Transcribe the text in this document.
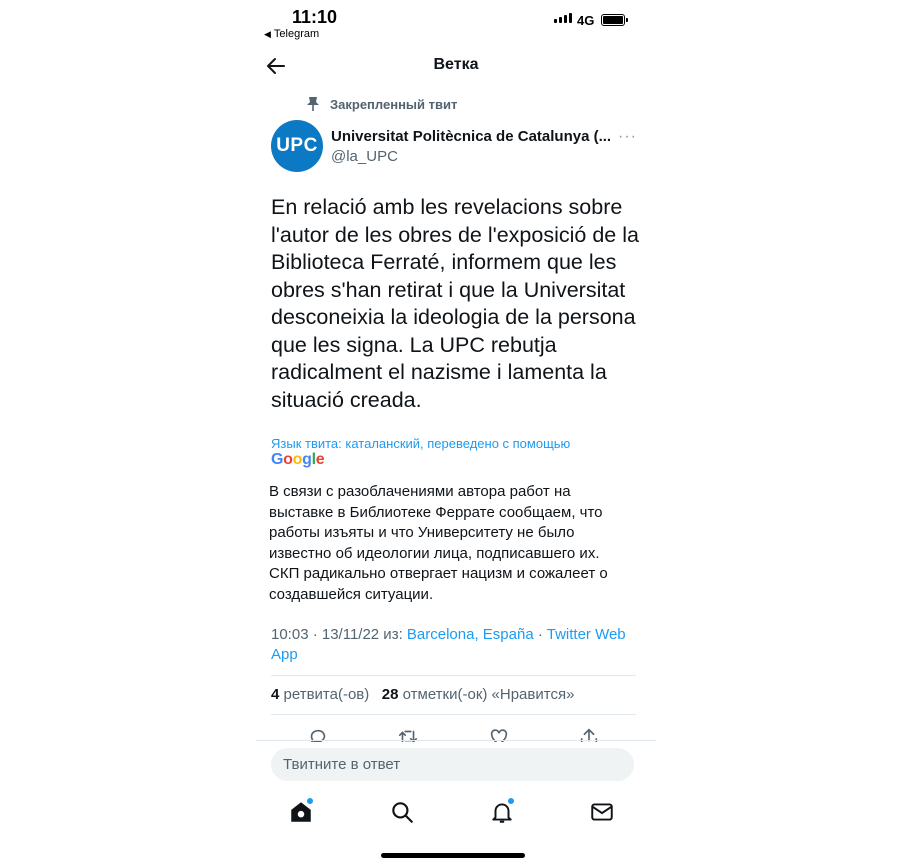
11:10
◀ Telegram
4G
Ветка
Закрепленный твит
UPC Universitat Politècnica de Catalunya (...
@la_UPC
···
En relació amb les revelacions sobre
l'autor de les obres de l'exposició de la
Biblioteca Ferraté, informem que les
obres s'han retirat i que la Universitat
desconeixia la ideologia de la persona
que les signa. La UPC rebutja
radicalment el nazisme i lamenta la
situació creada.
Язык твита: каталанский, переведено с помощью
Google
В связи с разоблачениями автора работ на
выставке в Библиотеке Ферратe сообщаем, что
работы изъяты и что Университету не было
известно об идеологии лица, подписавшего их.
СКП радикально отвергает нацизм и сожалеет о
создавшейся ситуации.
10:03 · 13/11/22 из: Barcelona, España · Twitter Web App
4 ретвита(-ов) 28 отметки(-ок) «Нравится»
Твитните в ответ
